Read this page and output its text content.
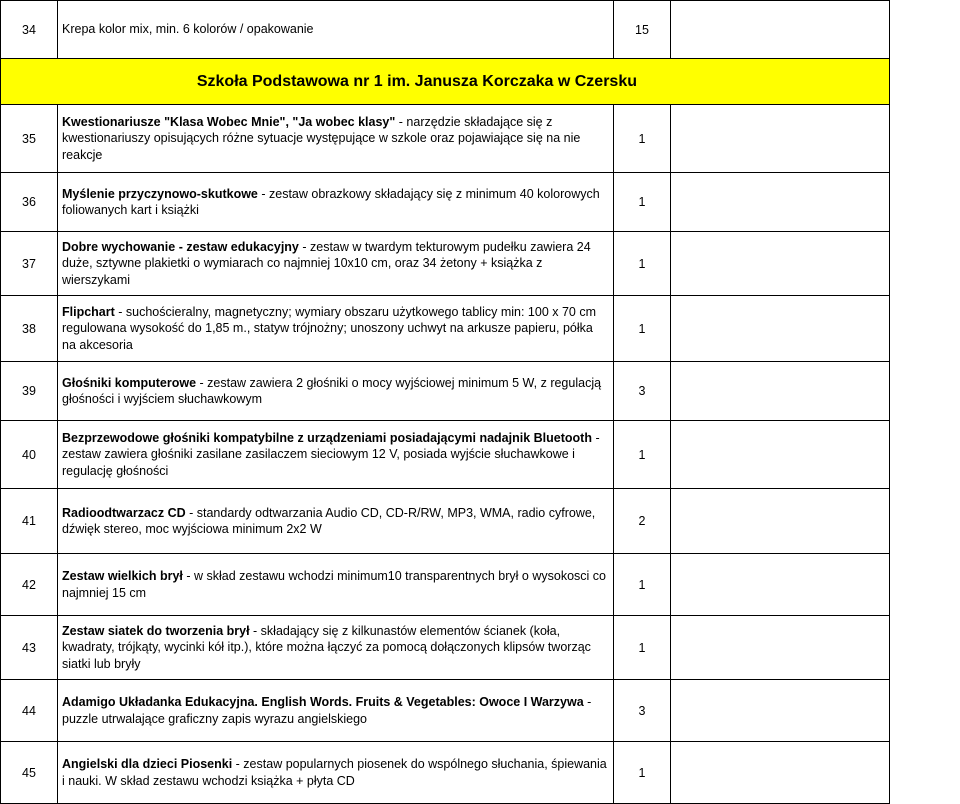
34	Krepa kolor mix, min. 6 kolorów / opakowanie	15	
Szkoła Podstawowa nr 1 im. Janusza Korczaka w Czersku			
35	Kwestionariusze "Klasa Wobec Mnie", "Ja wobec klasy" - narzędzie składające się z kwestionariuszy opisujących różne sytuacje występujące w szkole oraz pojawiające się na nie reakcje	1	
36	Myślenie przyczynowo-skutkowe - zestaw obrazkowy składający się z minimum 40 kolorowych foliowanych kart i książki	1	
37	Dobre wychowanie - zestaw edukacyjny - zestaw w twardym tekturowym pudełku zawiera 24 duże, sztywne plakietki o wymiarach co najmniej 10x10 cm, oraz 34 żetony + książka z wierszykami	1	
38	Flipchart - suchościeralny, magnetyczny; wymiary obszaru użytkowego tablicy min: 100 x 70 cm regulowana wysokość do 1,85 m., statyw trójnożny; unoszony uchwyt na arkusze papieru, półka na akcesoria	1	
39	Głośniki komputerowe - zestaw zawiera 2 głośniki o mocy wyjściowej minimum 5 W, z regulacją głośności i wyjściem słuchawkowym	3	
40	Bezprzewodowe głośniki kompatybilne z urządzeniami posiadającymi nadajnik Bluetooth - zestaw zawiera głośniki zasilane zasilaczem sieciowym 12 V, posiada wyjście słuchawkowe i regulację głośności	1	
41	Radioodtwarzacz CD - standardy odtwarzania Audio CD, CD-R/RW, MP3, WMA, radio cyfrowe, dźwięk stereo, moc wyjściowa minimum 2x2 W	2	
42	Zestaw wielkich brył - w skład zestawu wchodzi minimum10 transparentnych brył o wysokosci co najmniej 15 cm	1	
43	Zestaw siatek do tworzenia brył - składający się z kilkunastów elementów ścianek (koła, kwadraty, trójkąty, wycinki kół itp.), które można łączyć za pomocą dołączonych klipsów tworząc siatki lub bryły	1	
44	Adamigo Układanka Edukacyjna. English Words. Fruits & Vegetables: Owoce I Warzywa - puzzle utrwalające graficzny zapis wyrazu angielskiego	3	
45	Angielski dla dzieci Piosenki - zestaw popularnych piosenek do wspólnego słuchania, śpiewania i nauki. W skład zestawu wchodzi książka + płyta CD	1	
